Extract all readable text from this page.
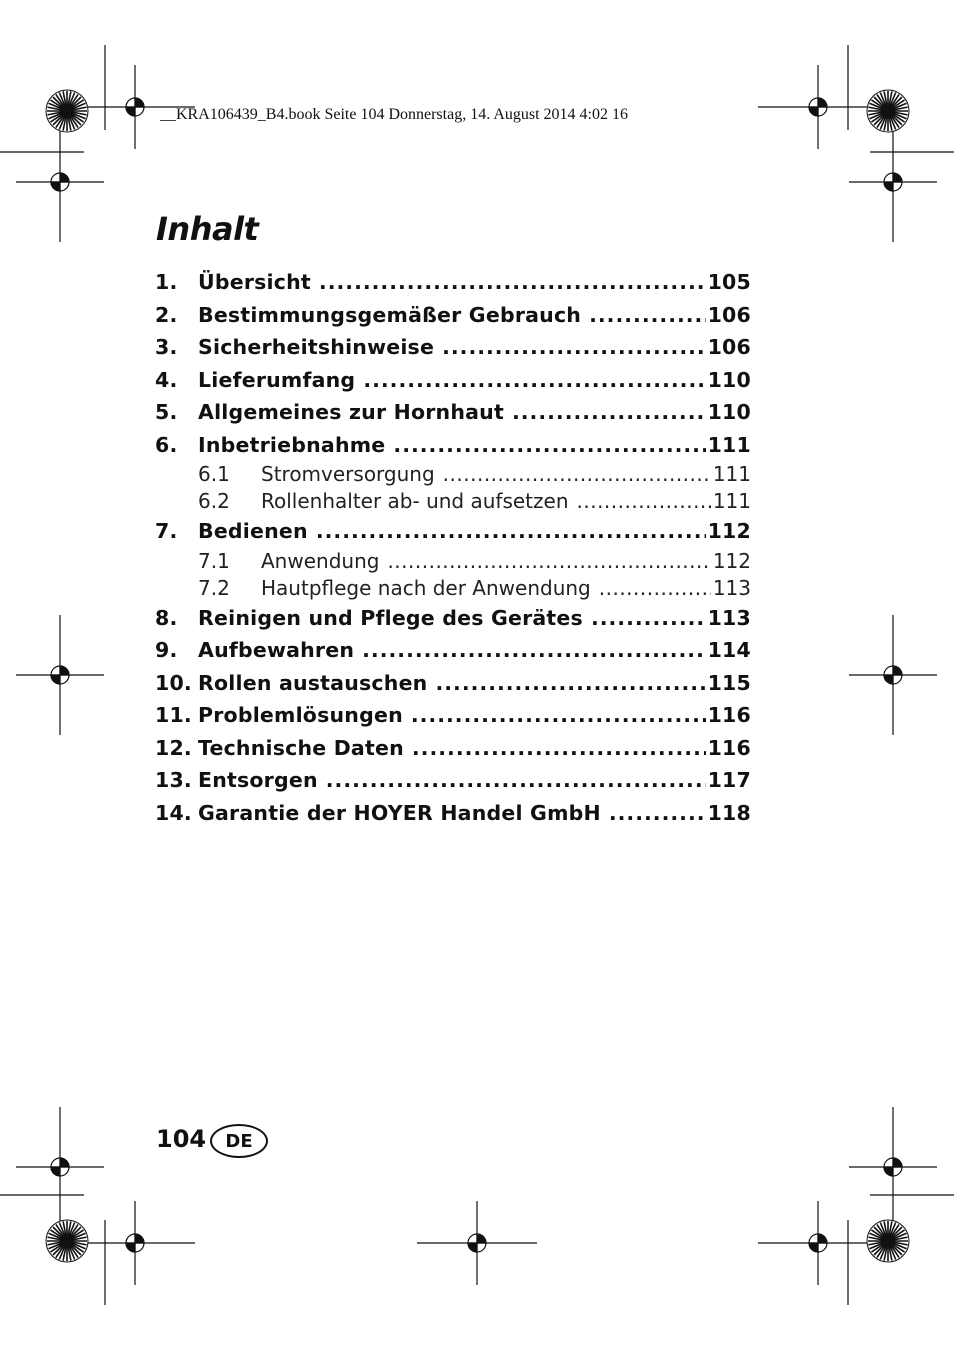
__KRA106439_B4.book Seite 104 Donnerstag, 14. August 2014 4:02 16
Inhalt
1.	Übersicht .....	105
2.	Bestimmungsgemäßer Gebrauch .....	106
3.	Sicherheitshinweise .....	106
4.	Lieferumfang .....	110
5.	Allgemeines zur Hornhaut .....	110
6.	Inbetriebnahme .....	111
6.1	Stromversorgung .....	111
6.2	Rollenhalter ab- und aufsetzen .....	111
7.	Bedienen .....	112
7.1	Anwendung .....	112
7.2	Hautpflege nach der Anwendung .....	113
8.	Reinigen und Pflege des Gerätes .....	113
9.	Aufbewahren .....	114
10. Rollen austauschen .....	115
11. Problemlösungen .....	116
12. Technische Daten .....	116
13. Entsorgen .....	117
14. Garantie der HOYER Handel GmbH .....	118
104	DE
